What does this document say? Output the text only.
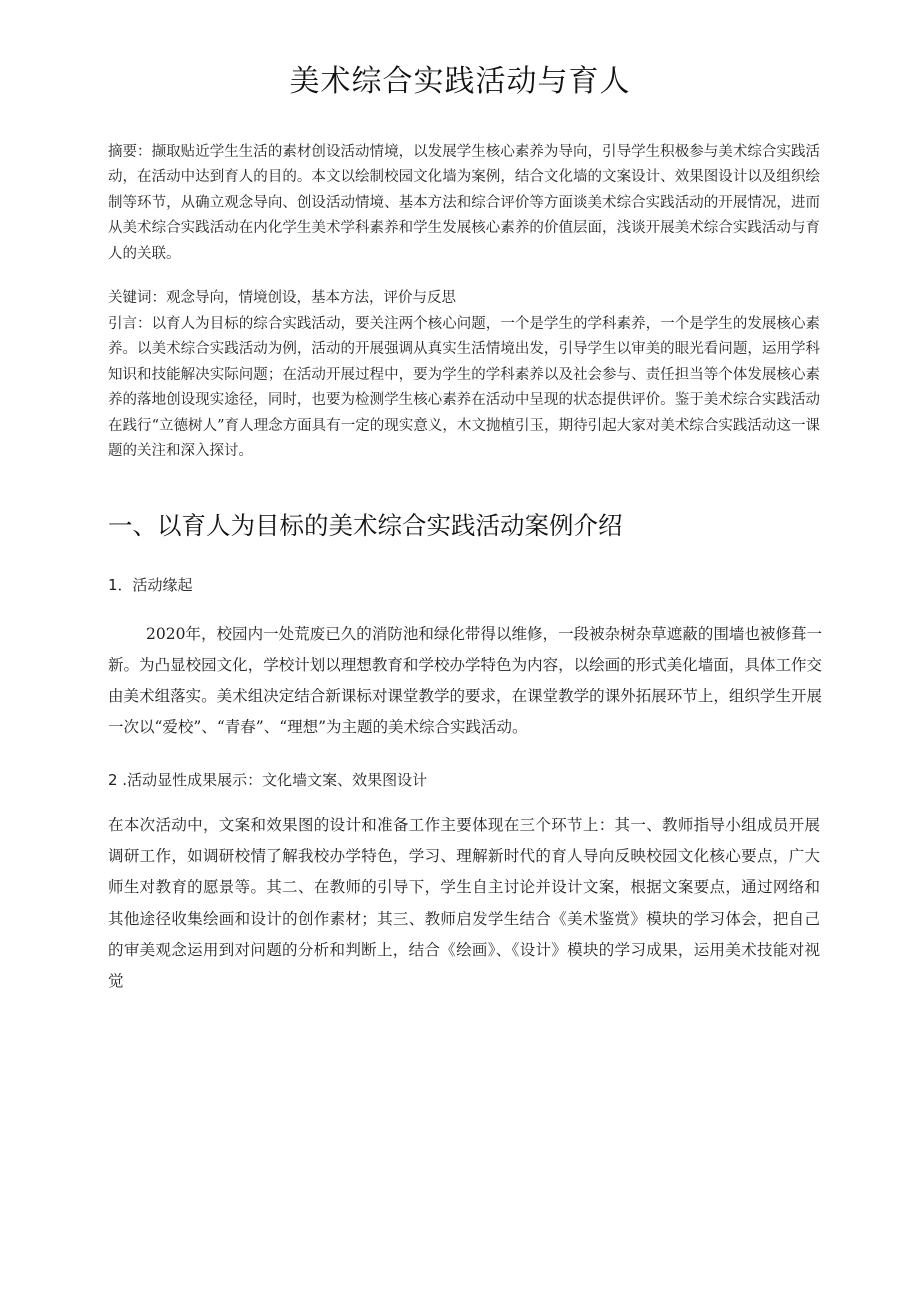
美术综合实践活动与育人
摘要：撷取贴近学生生活的素材创设活动情境，以发展学生核心素养为导向，引导学生积极参与美术综合实践活动，在活动中达到育人的目的。本文以绘制校园文化墙为案例，结合文化墙的文案设计、效果图设计以及组织绘制等环节，从确立观念导向、创设活动情境、基本方法和综合评价等方面谈美术综合实践活动的开展情况，进而从美术综合实践活动在内化学生美术学科素养和学生发展核心素养的价值层面，浅谈开展美术综合实践活动与育人的关联。
关键词：观念导向，情境创设，基本方法，评价与反思
引言：以育人为目标的综合实践活动，要关注两个核心问题，一个是学生的学科素养，一个是学生的发展核心素养。以美术综合实践活动为例，活动的开展强调从真实生活情境出发，引导学生以审美的眼光看问题，运用学科知识和技能解决实际问题；在活动开展过程中，要为学生的学科素养以及社会参与、责任担当等个体发展核心素养的落地创设现实途径，同时，也要为检测学生核心素养在活动中呈现的状态提供评价。鉴于美术综合实践活动在践行“立德树人”育人理念方面具有一定的现实意义，木文抛植引玉，期待引起大家对美术综合实践活动这一课题的关注和深入探讨。
一、以育人为目标的美术综合实践活动案例介绍
1．活动缘起
2020年，校园内一处荒废已久的消防池和绿化带得以维修，一段被杂树杂草遮蔽的围墙也被修葺一新。为凸显校园文化，学校计划以理想教育和学校办学特色为内容，以绘画的形式美化墙面，具体工作交由美术组落实。美术组决定结合新课标对课堂教学的要求，在课堂教学的课外拓展环节上，组织学生开展一次以“爱校”、“青春”、“理想”为主题的美术综合实践活动。
2 .活动显性成果展示：文化墙文案、效果图设计
在本次活动中，文案和效果图的设计和准备工作主要体现在三个环节上：其一、教师指导小组成员开展调研工作，如调研校情了解我校办学特色，学习、理解新时代的育人导向反映校园文化核心要点，广大师生对教育的愿景等。其二、在教师的引导下，学生自主讨论并设计文案，根据文案要点，通过网络和其他途径收集绘画和设计的创作素材；其三、教师启发学生结合《美术鉴赏》模块的学习体会，把自己的审美观念运用到对问题的分析和判断上，结合《绘画》、《设计》模块的学习成果，运用美术技能对视觉
